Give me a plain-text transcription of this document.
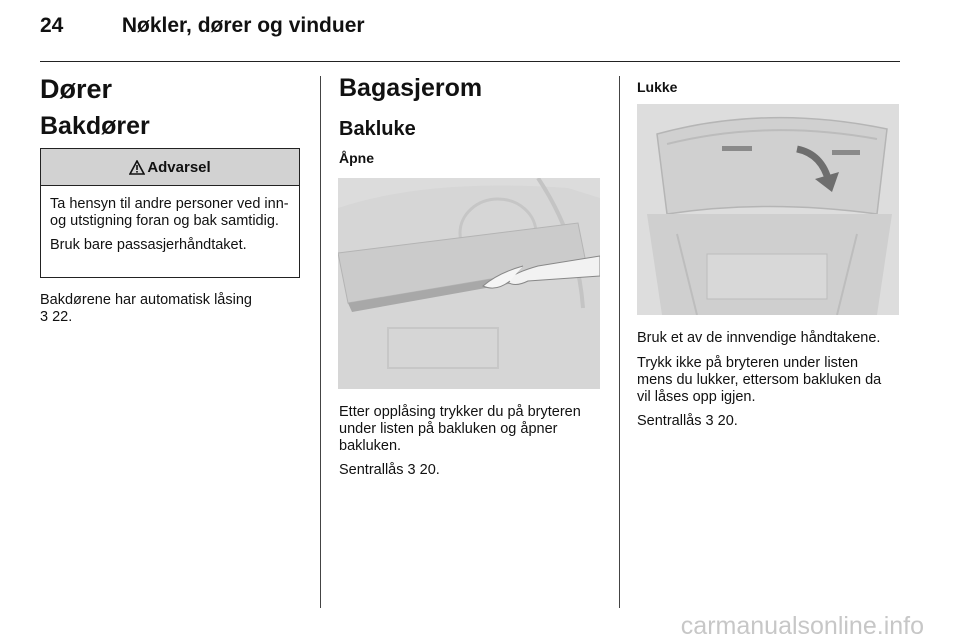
24	Nøkler, dører og vinduer
Dører
Bakdører
Advarsel

Ta hensyn til andre personer ved inn- og utstigning foran og bak samtidig.

Bruk bare passasjerhåndtaket.

Bakdørene har automatisk låsing
3 22.
Bagasjerom
Bakluke
Åpne
Etter opplåsing trykker du på bryteren under listen på bakluken og åpner bakluken.
Sentrallås 3 20.
Lukke
Bruk et av de innvendige håndtakene.
Trykk ikke på bryteren under listen mens du lukker, ettersom bakluken da vil låses opp igjen.
Sentrallås 3 20.
carmanualsonline.info
